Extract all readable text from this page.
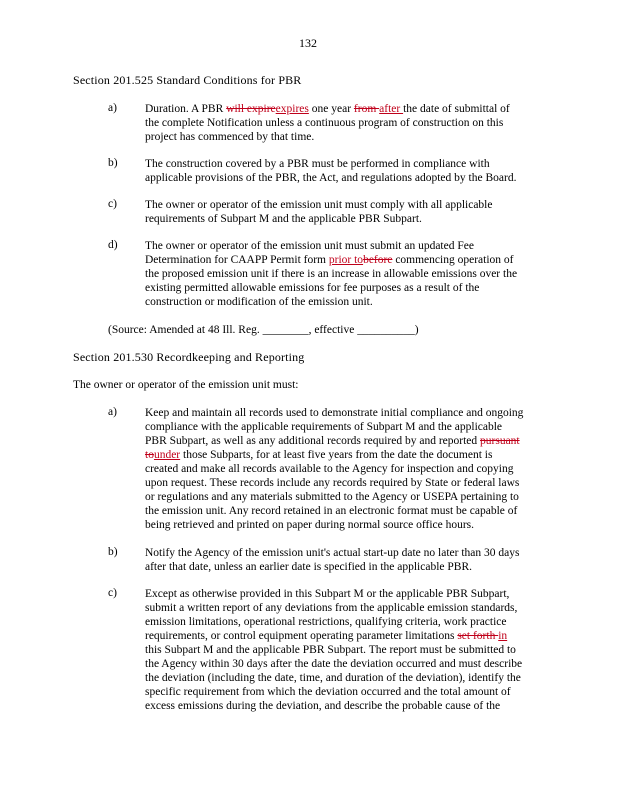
132
Section 201.525 Standard Conditions for PBR
a) Duration. A PBR will expireexpires one year from after the date of submittal of
the complete Notification unless a continuous program of construction on this
project has commenced by that time.
b) The construction covered by a PBR must be performed in compliance with
applicable provisions of the PBR, the Act, and regulations adopted by the Board.
c) The owner or operator of the emission unit must comply with all applicable
requirements of Subpart M and the applicable PBR Subpart.
d) The owner or operator of the emission unit must submit an updated Fee
Determination for CAAPP Permit form prior tobefore commencing operation of
the proposed emission unit if there is an increase in allowable emissions over the
existing permitted allowable emissions for fee purposes as a result of the
construction or modification of the emission unit.
(Source: Amended at 48 Ill. Reg. ________, effective __________)
Section 201.530 Recordkeeping and Reporting
The owner or operator of the emission unit must:
a) Keep and maintain all records used to demonstrate initial compliance and ongoing
compliance with the applicable requirements of Subpart M and the applicable
PBR Subpart, as well as any additional records required by and reported pursuant
tounder those Subparts, for at least five years from the date the document is
created and make all records available to the Agency for inspection and copying
upon request. These records include any records required by State or federal laws
or regulations and any materials submitted to the Agency or USEPA pertaining to
the emission unit. Any record retained in an electronic format must be capable of
being retrieved and printed on paper during normal source office hours.
b) Notify the Agency of the emission unit's actual start-up date no later than 30 days
after that date, unless an earlier date is specified in the applicable PBR.
c) Except as otherwise provided in this Subpart M or the applicable PBR Subpart,
submit a written report of any deviations from the applicable emission standards,
emission limitations, operational restrictions, qualifying criteria, work practice
requirements, or control equipment operating parameter limitations set forth in
this Subpart M and the applicable PBR Subpart. The report must be submitted to
the Agency within 30 days after the date the deviation occurred and must describe
the deviation (including the date, time, and duration of the deviation), identify the
specific requirement from which the deviation occurred and the total amount of
excess emissions during the deviation, and describe the probable cause of the
